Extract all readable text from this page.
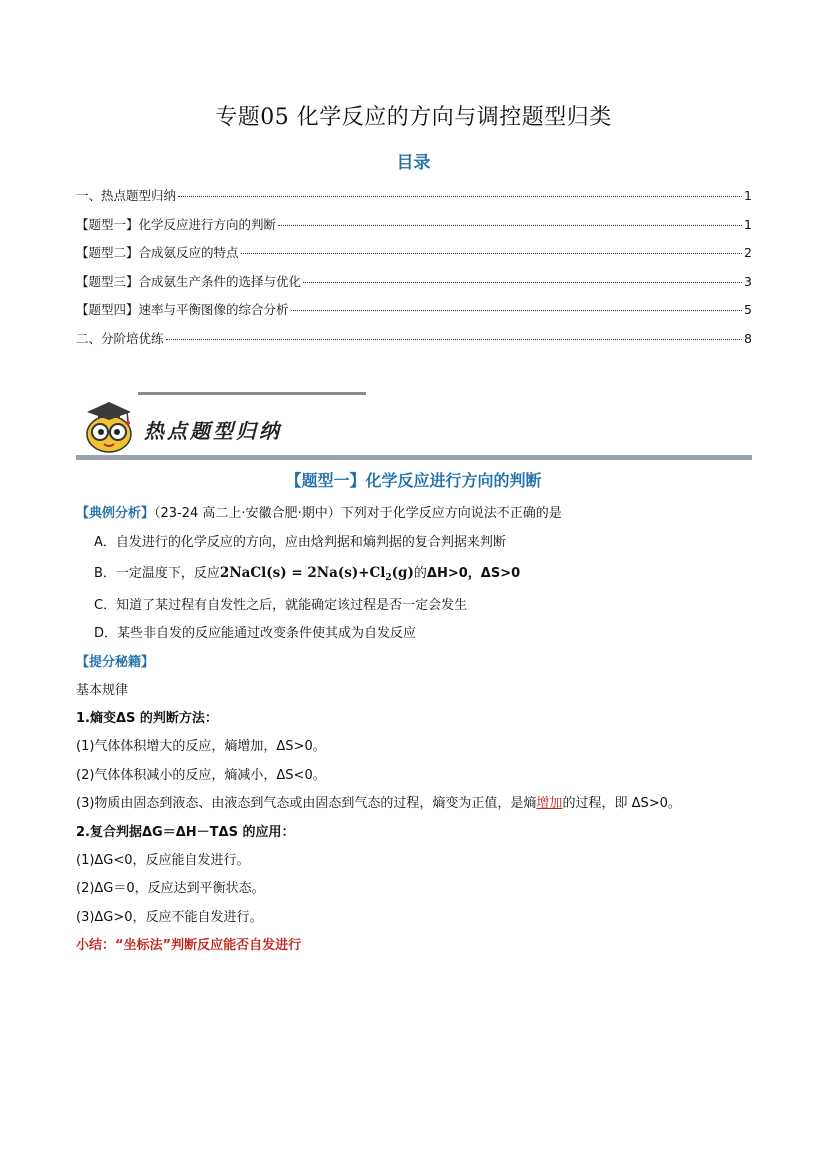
专题05 化学反应的方向与调控题型归类
目录
一、热点题型归纳	1
【题型一】化学反应进行方向的判断	1
【题型二】合成氨反应的特点	2
【题型三】合成氨生产条件的选择与优化	3
【题型四】速率与平衡图像的综合分析	5
二、分阶培优练	8
热点题型归纳
【题型一】化学反应进行方向的判断
【典例分析】（23-24 高二上·安徽合肥·期中）下列对于化学反应方向说法不正确的是
A．自发进行的化学反应的方向，应由焓判据和熵判据的复合判据来判断
B．一定温度下，反应2NaCl(s) = $2Na(s)+Cl_2(g)$的ΔH>0，ΔS>0
C．知道了某过程有自发性之后，就能确定该过程是否一定会发生
D．某些非自发的反应能通过改变条件使其成为自发反应
【提分秘籍】
基本规律
1.熵变ΔS 的判断方法：
(1)气体体积增大的反应，熵增加，ΔS>0。
(2)气体体积减小的反应，熵减小，ΔS<0。
(3)物质由固态到液态、由液态到气态或由固态到气态的过程，熵变为正值，是熵增加的过程，即 ΔS>0。
2.复合判据ΔG＝ΔH－TΔS 的应用：
(1)ΔG<0，反应能自发进行。
(2)ΔG＝0，反应达到平衡状态。
(3)ΔG>0，反应不能自发进行。
小结：“坐标法”判断反应能否自发进行
